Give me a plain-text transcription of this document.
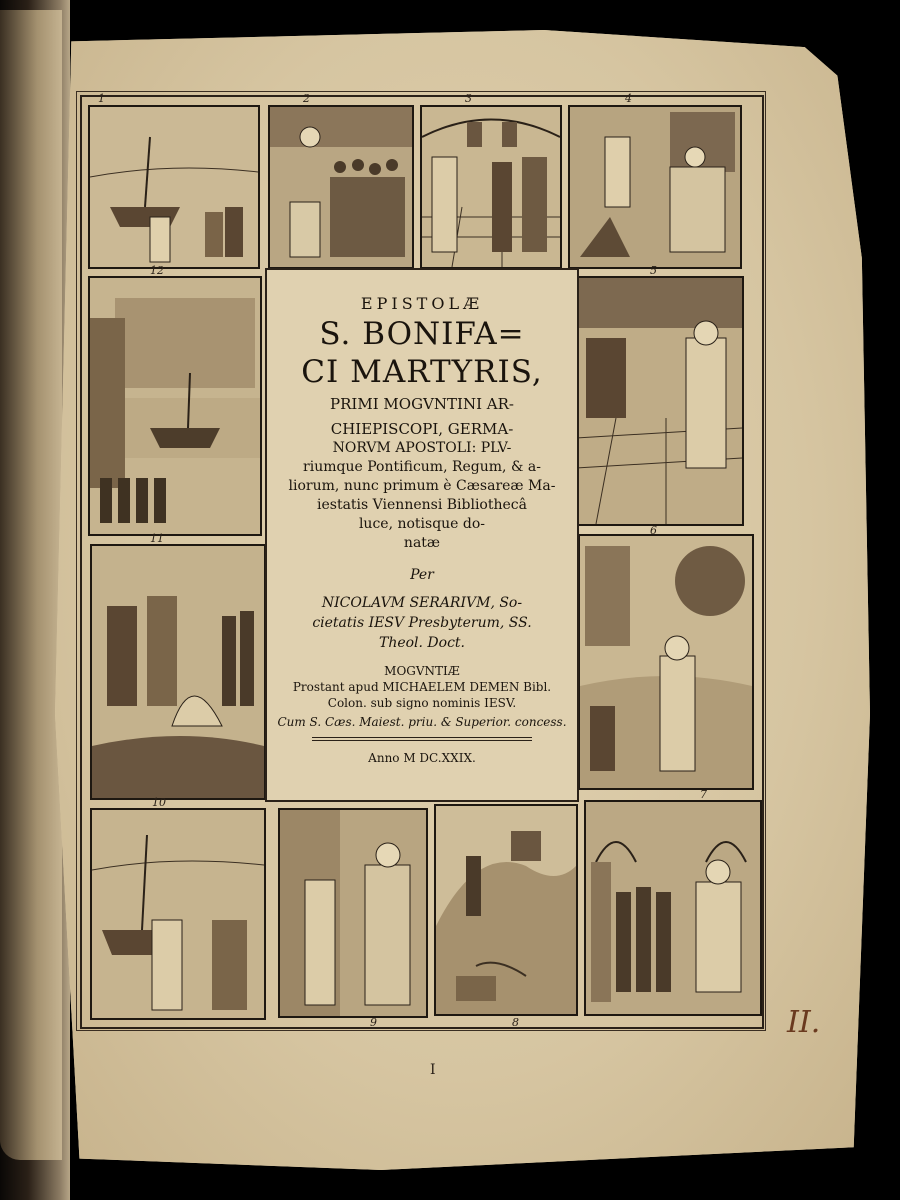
1	2	3	4
12
11
5
6
10
9	8
7
EPISTOLÆ
S. BONIFA=
CI MARTYRIS,
PRIMI MOGVNTINI AR-
CHIEPISCOPI, GERMA-
NORVM APOSTOLI: PLV-
riumque Pontificum, Regum, & a-
liorum, nunc primum è Cæsareæ Ma-
iestatis Viennensi Bibliothecâ
luce, notisque do-
natæ
Per
NICOLAVM SERARIVM, So-
cietatis IESV Presbyterum, SS.
Theol. Doct.
MOGVNTIÆ
Prostant apud MICHAELEM DEMEN Bibl.
Colon. sub signo nominis IESV.
Cum S. Cæs. Maiest. priu. & Superior. concess.
Anno M DC.XXIX.
I
II.
